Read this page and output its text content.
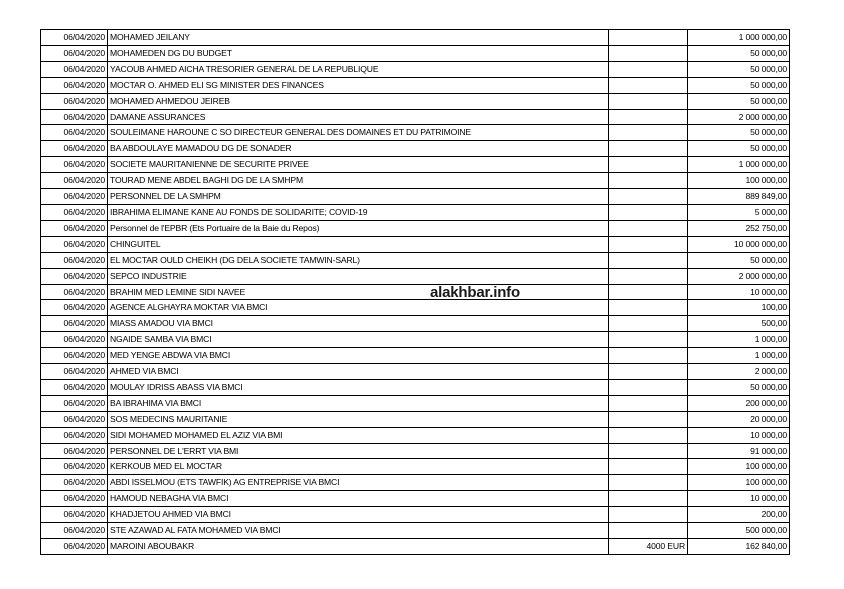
06/04/2020	MOHAMED JEILANY		1 000 000,00
06/04/2020	MOHAMEDEN DG DU BUDGET		50 000,00
06/04/2020	YACOUB AHMED AICHA TRESORIER GENERAL DE LA REPUBLIQUE		50 000,00
06/04/2020	MOCTAR O. AHMED ELI SG MINISTER DES FINANCES		50 000,00
06/04/2020	MOHAMED AHMEDOU JEIREB		50 000,00
06/04/2020	DAMANE ASSURANCES		2 000 000,00
06/04/2020	SOULEIMANE HAROUNE C SO DIRECTEUR GENERAL DES DOMAINES ET DU PATRIMOINE		50 000,00
06/04/2020	BA ABDOULAYE MAMADOU DG DE SONADER		50 000,00
06/04/2020	SOCIETE MAURITANIENNE DE SECURITE PRIVEE		1 000 000,00
06/04/2020	TOURAD MENE ABDEL BAGHI DG DE LA SMHPM		100 000,00
06/04/2020	PERSONNEL DE LA SMHPM		889 849,00
06/04/2020	IBRAHIMA ELIMANE KANE AU FONDS DE SOLIDARITE; COVID-19		5 000,00
06/04/2020	Personnel de l'EPBR (Ets Portuaire de la Baie du Repos)		252 750,00
06/04/2020	CHINGUITEL		10 000 000,00
06/04/2020	EL MOCTAR OULD CHEIKH (DG DELA SOCIETE TAMWIN-SARL)		50 000,00
06/04/2020	SEPCO INDUSTRIE		2 000 000,00
06/04/2020	BRAHIM MED LEMINE SIDI NAVEE		10 000,00
06/04/2020	AGENCE ALGHAYRA MOKTAR VIA BMCI		100,00
06/04/2020	MIASS AMADOU VIA BMCI		500,00
06/04/2020	NGAIDE SAMBA VIA BMCI		1 000,00
06/04/2020	MED YENGE ABDWA VIA BMCI		1 000,00
06/04/2020	AHMED VIA BMCI		2 000,00
06/04/2020	MOULAY IDRISS ABASS VIA BMCI		50 000,00
06/04/2020	BA IBRAHIMA VIA BMCI		200 000,00
06/04/2020	SOS MEDECINS MAURITANIE		20 000,00
06/04/2020	SIDI MOHAMED MOHAMED EL AZIZ VIA BMI		10 000,00
06/04/2020	PERSONNEL DE L'ERRT VIA BMI		91 000,00
06/04/2020	KERKOUB MED EL MOCTAR		100 000,00
06/04/2020	ABDI ISSELMOU (ETS TAWFIK) AG ENTREPRISE VIA BMCI		100 000,00
06/04/2020	HAMOUD NEBAGHA VIA BMCI		10 000,00
06/04/2020	KHADJETOU AHMED VIA BMCI		200,00
06/04/2020	STE AZAWAD AL FATA MOHAMED VIA BMCI		500 000,00
06/04/2020	MAROINI ABOUBAKR	4000 EUR	162 840,00
alakhbar.info
